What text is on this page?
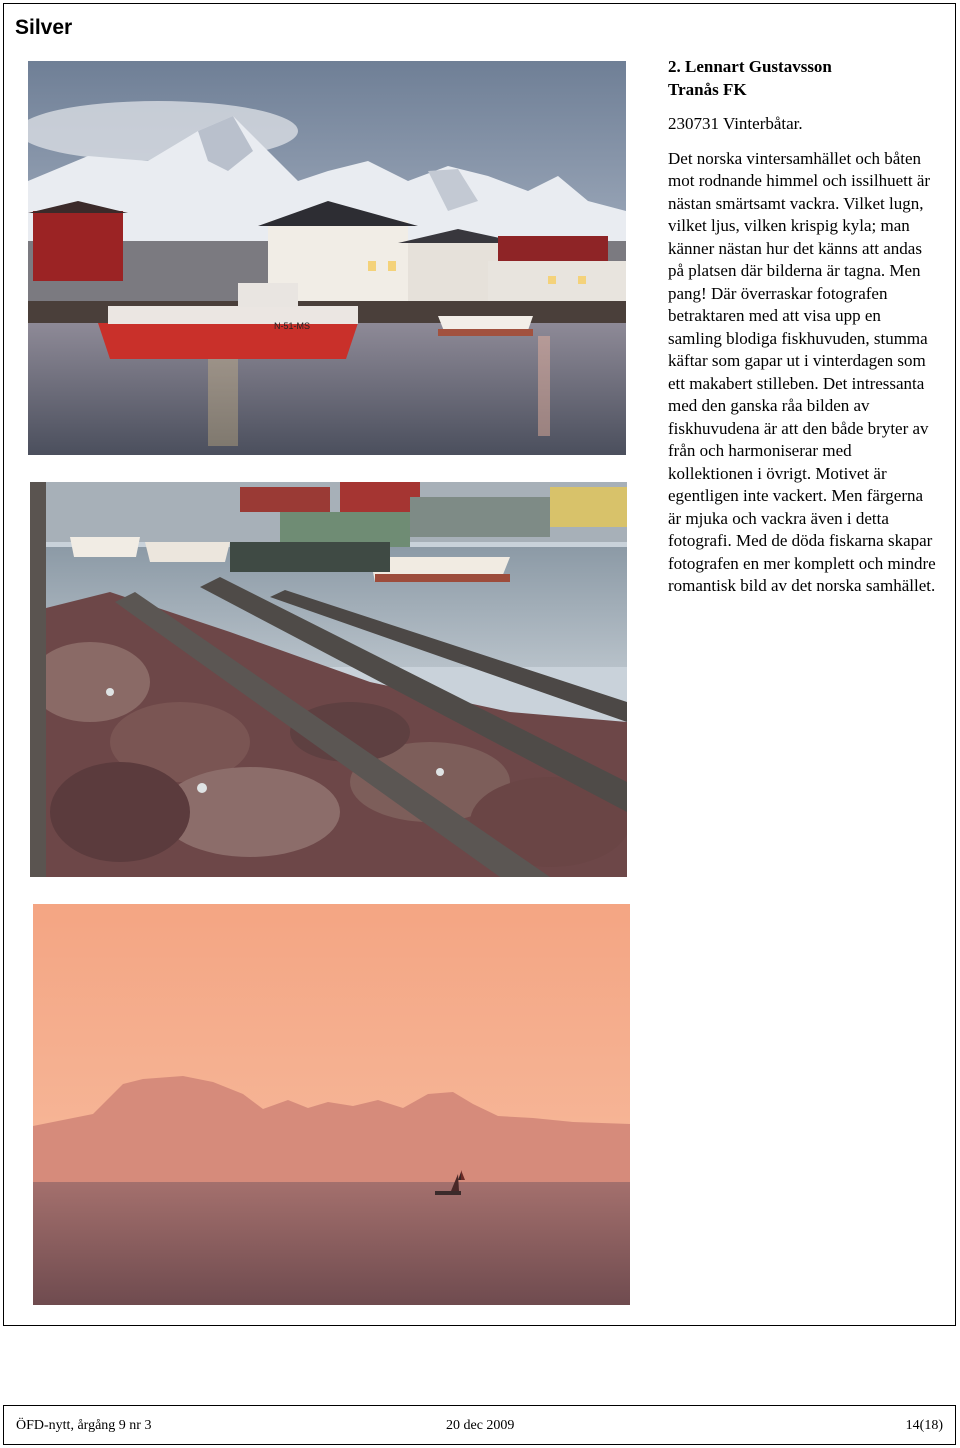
Silver
N-51-MS
2. Lennart Gustavsson
Tranås FK

230731 Vinterbåtar.

Det norska vintersamhället och båten mot rodnande himmel och issilhuett är nästan smärtsamt vackra. Vilket lugn, vilket ljus, vilken krispig kyla; man känner nästan hur det känns att andas på platsen där bilderna är tagna. Men pang! Där överraskar fotografen betraktaren med att visa upp en samling blodiga fiskhuvuden, stumma käftar som gapar ut i vinterdagen som ett makabert stilleben. Det intressanta med den ganska råa bilden av fiskhuvudena är att den både bryter av från och harmoniserar med kollektionen i övrigt. Motivet är egentligen inte vackert. Men färgerna är mjuka och vackra även i detta fotografi. Med de döda fiskarna skapar fotografen en mer komplett och mindre romantisk bild av det norska samhället.

ÖFD-nytt, årgång 9 nr 3	20 dec 2009	14(18)
